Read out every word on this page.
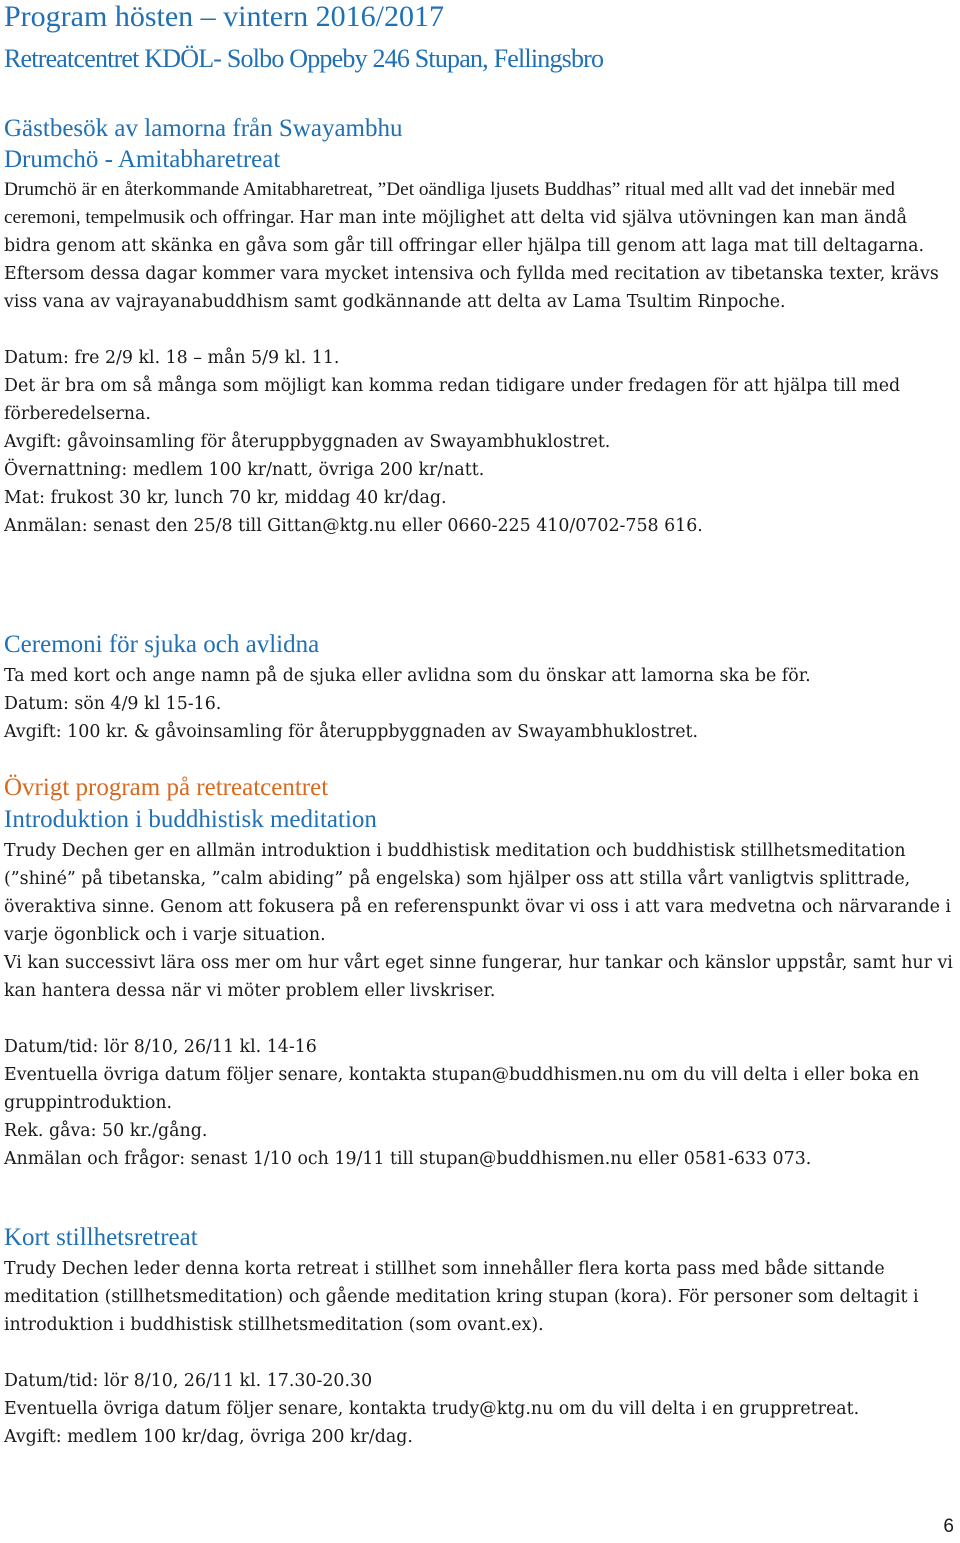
Program hösten – vintern 2016/2017
Retreatcentret KDÖL- Solbo Oppeby 246 Stupan, Fellingsbro
Gästbesök av lamorna från Swayambhu
Drumchö - Amitabharetreat

Drumchö är en återkommande Amitabharetreat, ”Det oändliga ljusets Buddhas” ritual med allt vad det innebär med ceremoni, tempelmusik och offringar. Har man inte möjlighet att delta vid själva utövningen kan man ändå bidra genom att skänka en gåva som går till offringar eller hjälpa till genom att laga mat till deltagarna.

Eftersom dessa dagar kommer vara mycket intensiva och fyllda med recitation av tibetanska texter, krävs viss vana av vajrayanabuddhism samt godkännande att delta av Lama Tsultim Rinpoche.

Datum: fre 2/9 kl. 18 – mån 5/9 kl. 11.

Det är bra om så många som möjligt kan komma redan tidigare under fredagen för att hjälpa till med förberedelserna.

Avgift: gåvoinsamling för återuppbyggnaden av Swayambhuklostret.

Övernattning: medlem 100 kr/natt, övriga 200 kr/natt.

Mat: frukost 30 kr, lunch 70 kr, middag 40 kr/dag.

Anmälan: senast den 25/8 till Gittan@ktg.nu eller 0660-225 410/0702-758 616.

Ceremoni för sjuka och avlidna

Ta med kort och ange namn på de sjuka eller avlidna som du önskar att lamorna ska be för.

Datum: sön 4/9 kl 15-16.

Avgift: 100 kr. & gåvoinsamling för återuppbyggnaden av Swayambhuklostret.

Övrigt program på retreatcentret
Introduktion i buddhistisk meditation

Trudy Dechen ger en allmän introduktion i buddhistisk meditation och buddhistisk stillhetsmeditation (”shiné” på tibetanska, ”calm abiding” på engelska) som hjälper oss att stilla vårt vanligtvis splittrade, överaktiva sinne. Genom att fokusera på en referenspunkt övar vi oss i att vara medvetna och närvarande i varje ögonblick och i varje situation.

Vi kan successivt lära oss mer om hur vårt eget sinne fungerar, hur tankar och känslor uppstår, samt hur vi kan hantera dessa när vi möter problem eller livskriser.

Datum/tid: lör 8/10, 26/11 kl. 14-16

Eventuella övriga datum följer senare, kontakta stupan@buddhismen.nu om du vill delta i eller boka en gruppintroduktion.

Rek. gåva: 50 kr./gång.

Anmälan och frågor: senast 1/10 och 19/11 till stupan@buddhismen.nu eller 0581-633 073.

Kort stillhetsretreat

Trudy Dechen leder denna korta retreat i stillhet som innehåller flera korta pass med både sittande meditation (stillhetsmeditation) och gående meditation kring stupan (kora). För personer som deltagit i introduktion i buddhistisk stillhetsmeditation (som ovant.ex).

Datum/tid: lör 8/10, 26/11 kl. 17.30-20.30

Eventuella övriga datum följer senare, kontakta trudy@ktg.nu om du vill delta i en gruppretreat.

Avgift: medlem 100 kr/dag, övriga 200 kr/dag.

6
